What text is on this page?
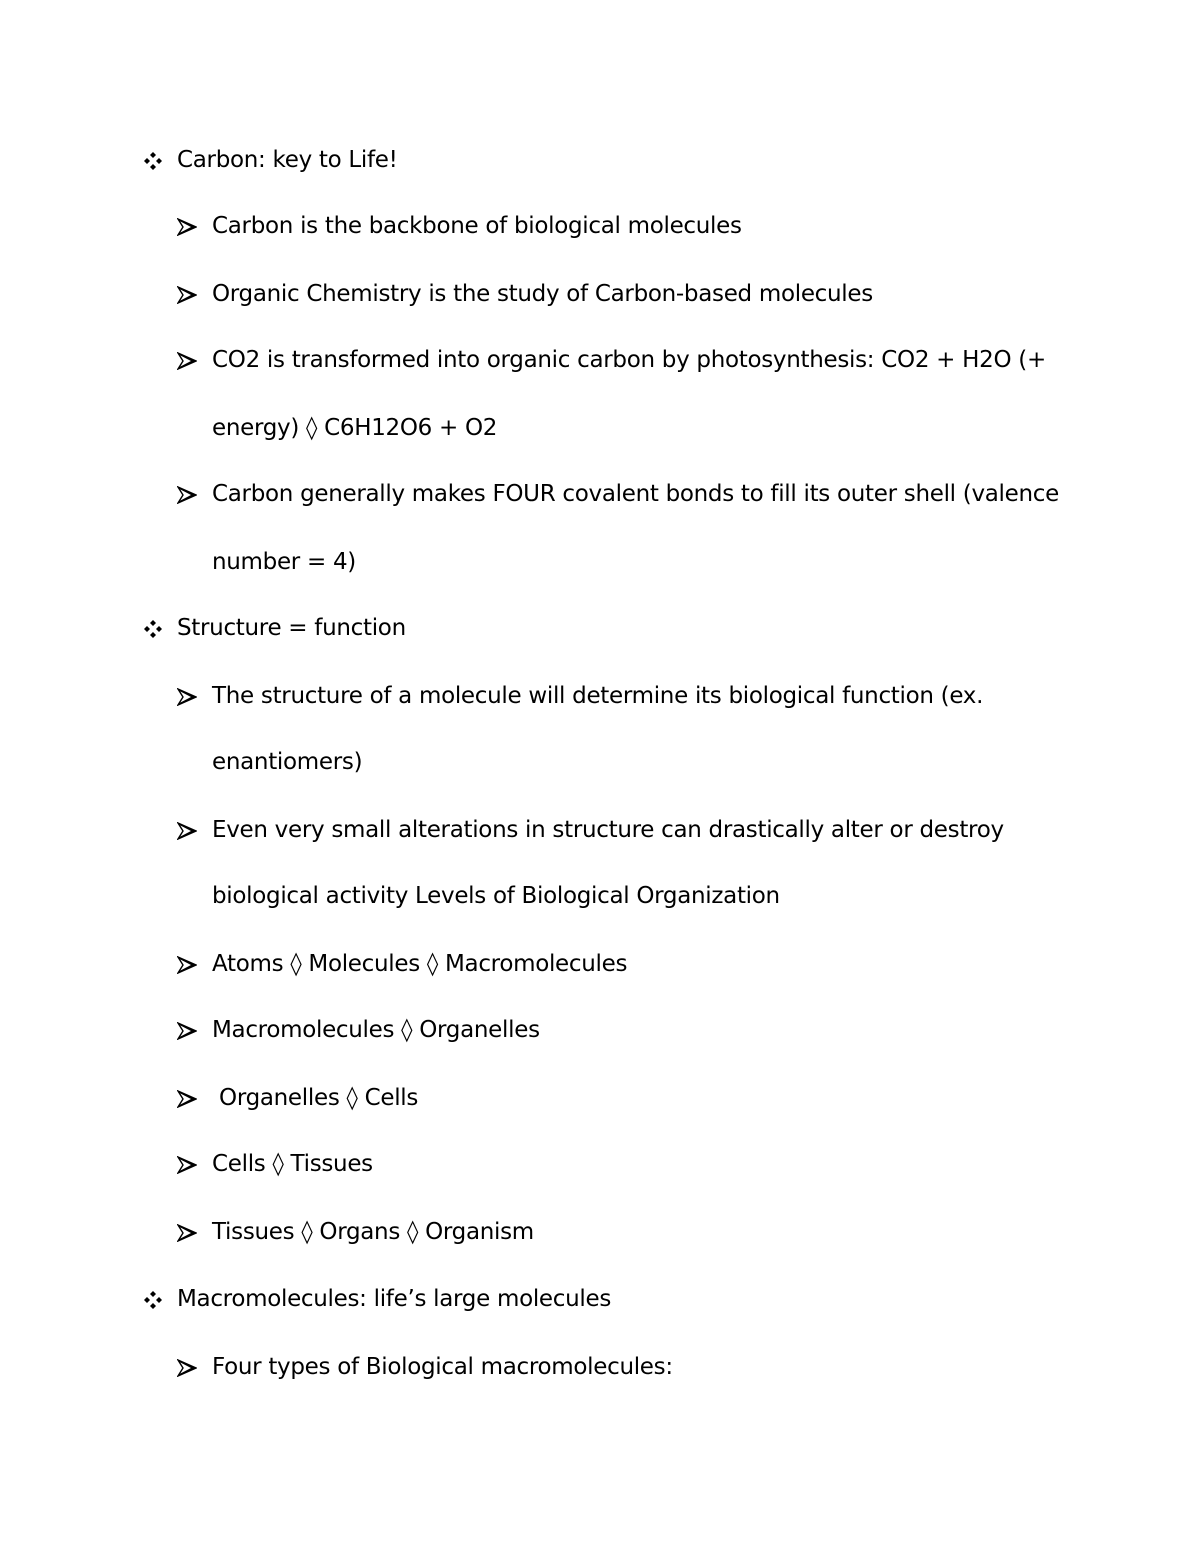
Carbon: key to Life!
Carbon is the backbone of biological molecules
Organic Chemistry is the study of Carbon-based molecules
CO2 is transformed into organic carbon by photosynthesis: CO2 + H2O (+
energy) ◊ C6H12O6 + O2
Carbon generally makes FOUR covalent bonds to fill its outer shell (valence
number = 4)
Structure = function
The structure of a molecule will determine its biological function (ex.
enantiomers)
Even very small alterations in structure can drastically alter or destroy
biological activity Levels of Biological Organization
Atoms ◊ Molecules ◊ Macromolecules
Macromolecules ◊ Organelles
Organelles ◊ Cells
Cells ◊ Tissues
Tissues ◊ Organs ◊ Organism
Macromolecules: life’s large molecules
Four types of Biological macromolecules:
